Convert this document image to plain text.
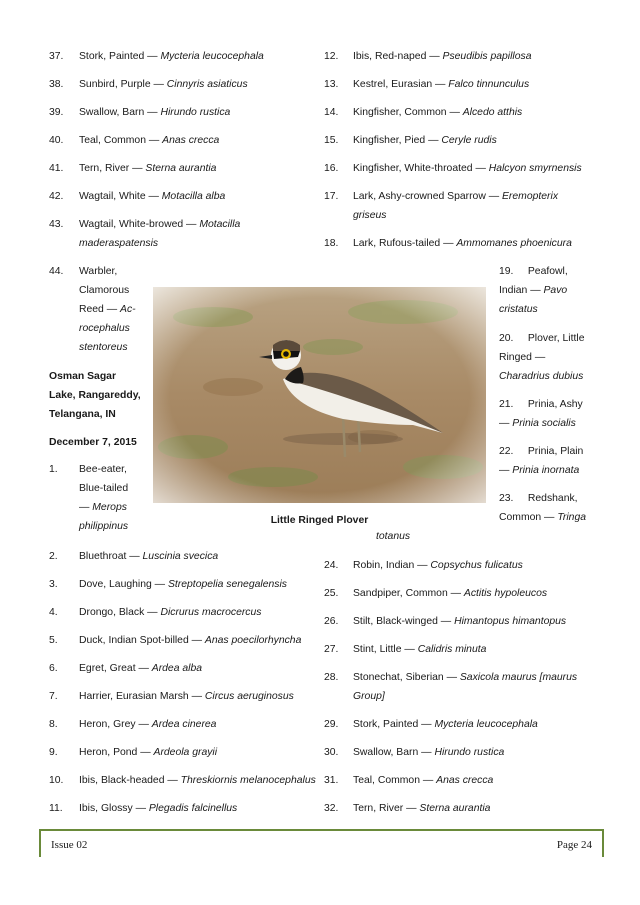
37.	Stork, Painted — Mycteria leucocephala
38.	Sunbird, Purple — Cinnyris asiaticus
39.	Swallow, Barn — Hirundo rustica
40.	Teal, Common — Anas crecca
41.	Tern, River — Sterna aurantia
42.	Wagtail, White — Motacilla alba
43.	Wagtail, White-browed — Motacilla maderaspatensis
44.	Warbler,
Clamorous
Reed — Ac-
rocephalus
stentoreus
Osman Sagar
Lake, Rangareddy,
Telangana, IN
December 7, 2015
1.	Bee-eater,
Blue-tailed
— Merops
philippinus
2.	Bluethroat — Luscinia svecica
3.	Dove, Laughing — Streptopelia senegalensis
4.	Drongo, Black — Dicrurus macrocercus
5.	Duck, Indian Spot-billed — Anas poecilorhyncha
6.	Egret, Great — Ardea alba
7.	Harrier, Eurasian Marsh — Circus aeruginosus
8.	Heron, Grey — Ardea cinerea
9.	Heron, Pond — Ardeola grayii
10.	Ibis, Black-headed — Threskiornis melanocephalus
11.	Ibis, Glossy — Plegadis falcinellus
12.	Ibis, Red-naped — Pseudibis papillosa
13.	Kestrel, Eurasian — Falco tinnunculus
14.	Kingfisher, Common — Alcedo atthis
15.	Kingfisher, Pied — Ceryle rudis
16.	Kingfisher, White-throated — Halcyon smyrnensis
17.	Lark, Ashy-crowned Sparrow — Eremopterix griseus
18.	Lark, Rufous-tailed — Ammomanes phoenicura
19.     Peafowl,
Indian — Pavo cristatus
20.     Plover, Little
Ringed — Charadrius dubius
21.     Prinia, Ashy
— Prinia socialis
22.     Prinia, Plain
— Prinia inornata
23.     Redshank,
Common — Tringa
24.	Robin, Indian — Copsychus fulicatus
25.	Sandpiper, Common — Actitis hypoleucos
26.	Stilt, Black-winged — Himantopus himantopus
27.	Stint, Little — Calidris minuta
28.	Stonechat, Siberian — Saxicola maurus [maurus Group]
29.	Stork, Painted — Mycteria leucocephala
30.	Swallow, Barn — Hirundo rustica
31.	Teal, Common — Anas crecca
32.	Tern, River — Sterna aurantia
Little Ringed Plover
totanus
Issue 02	Page 24
